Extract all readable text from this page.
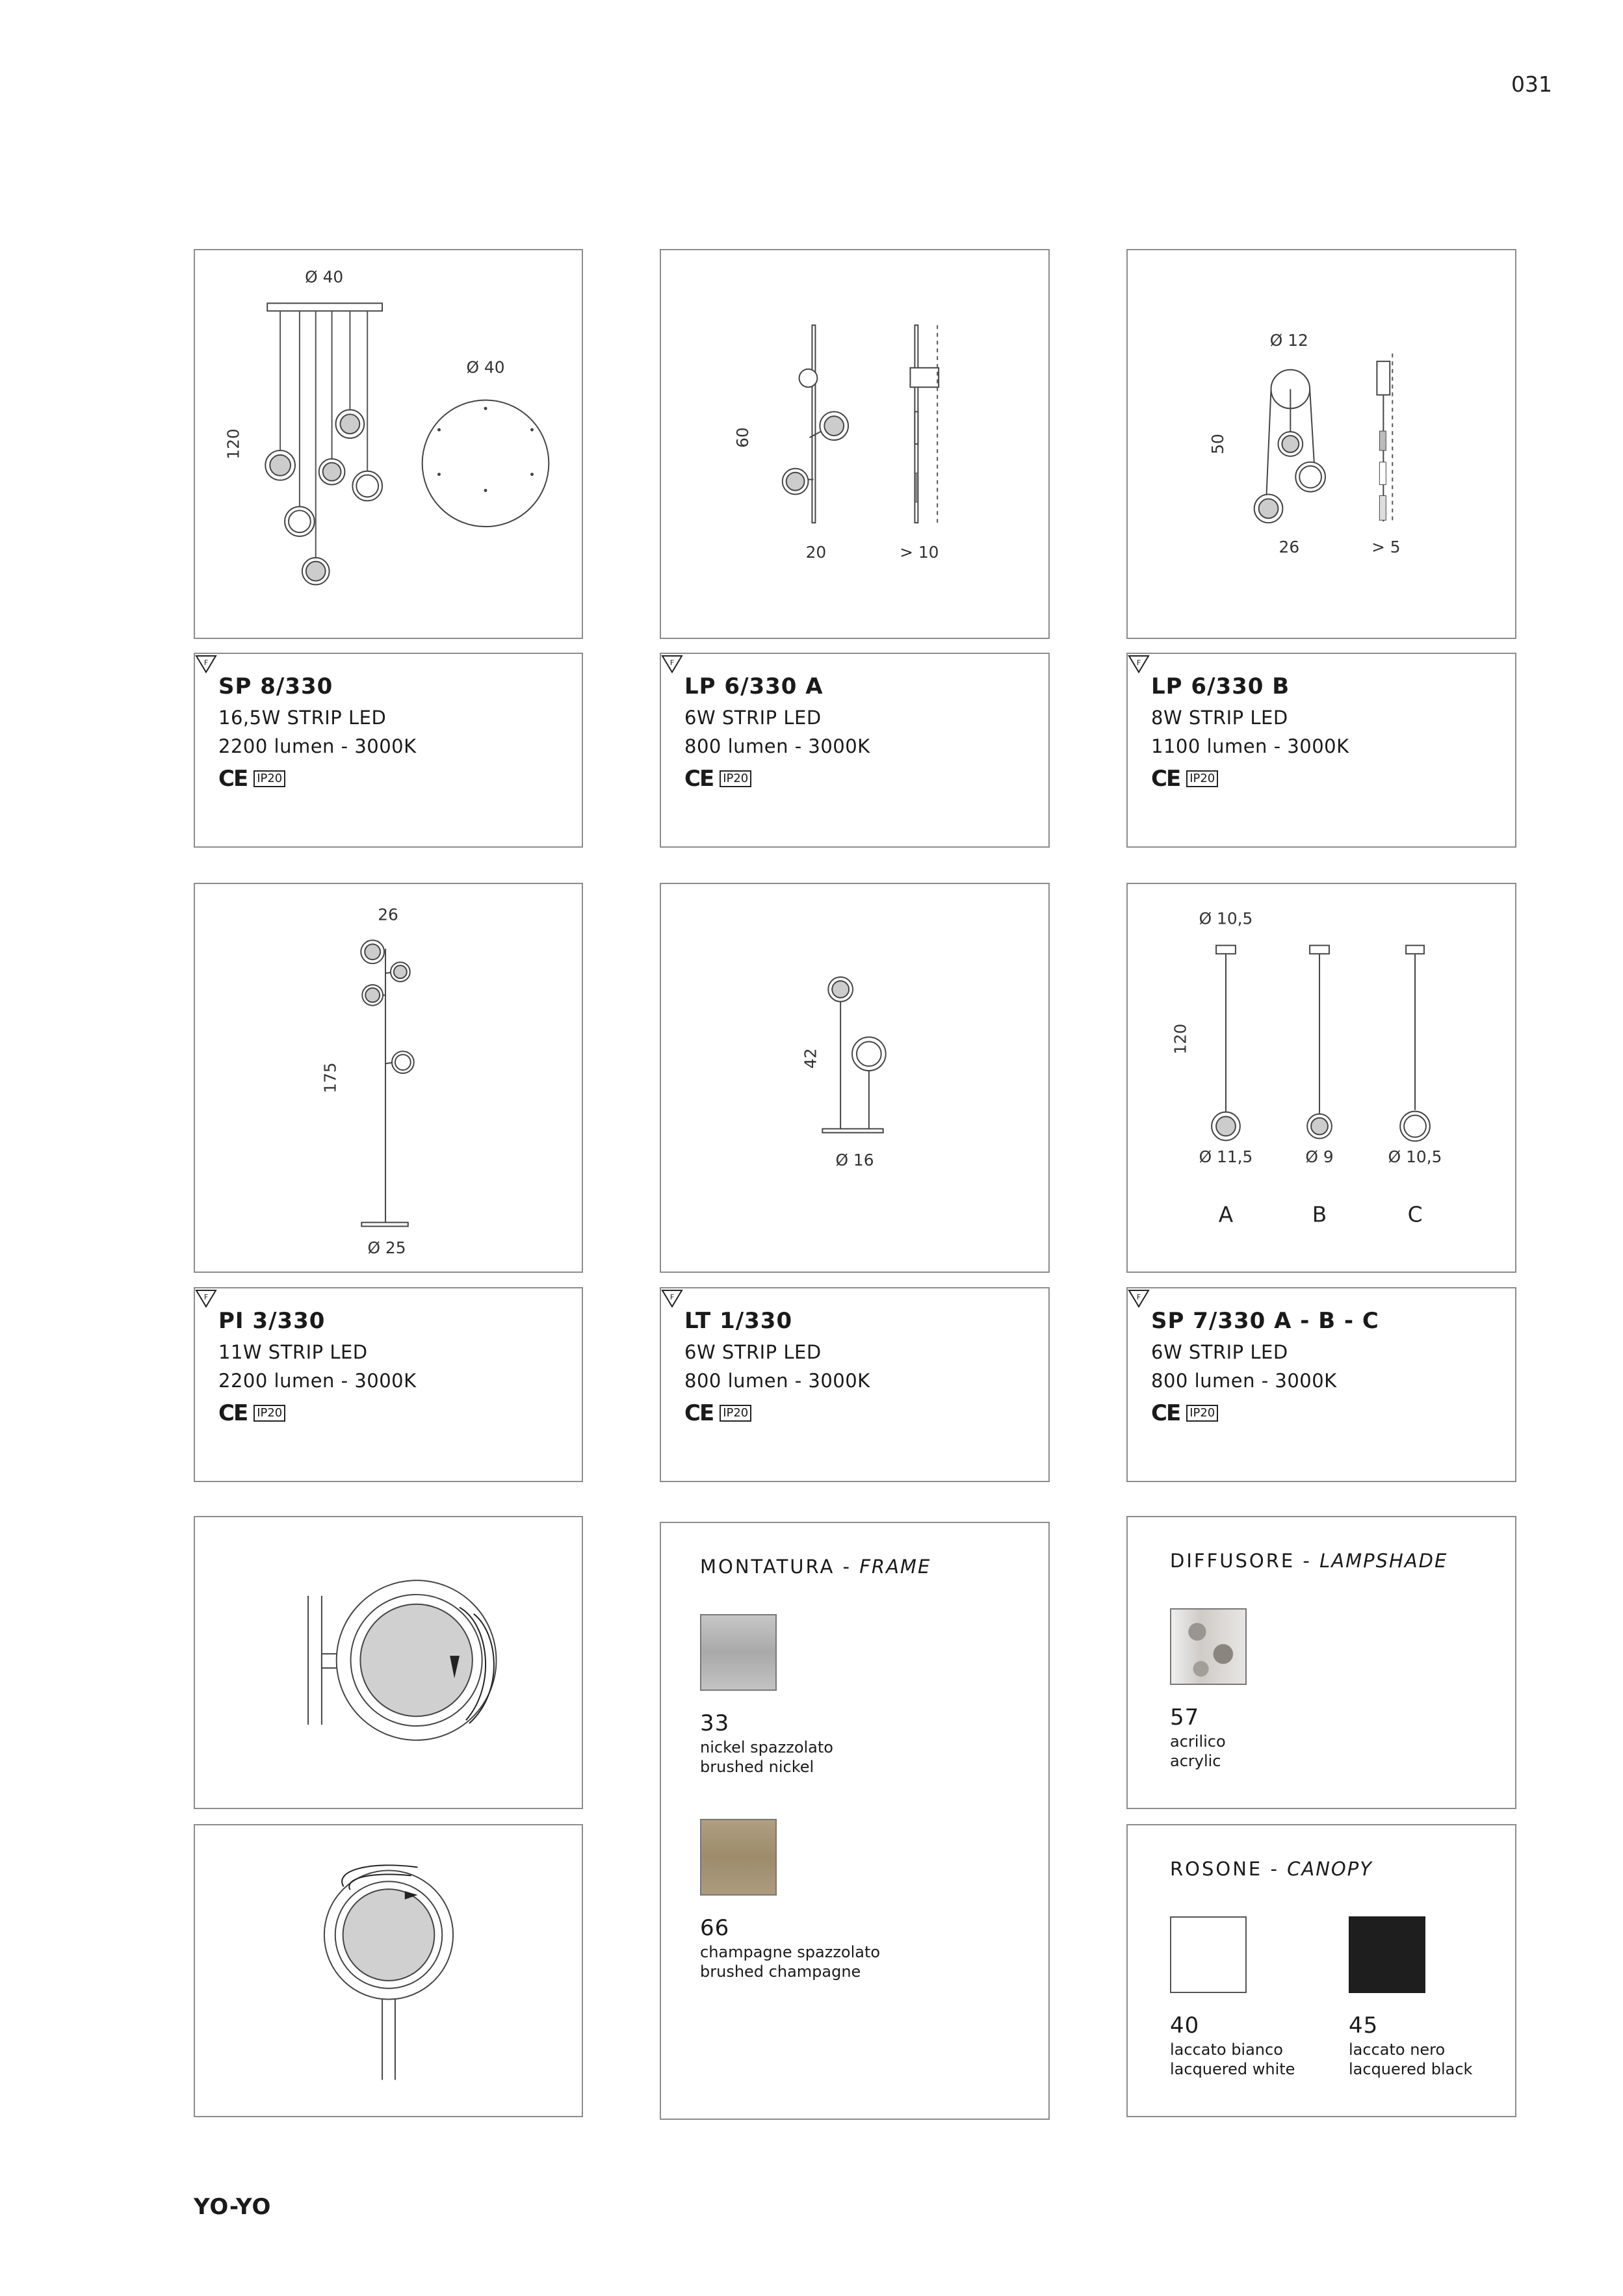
031
Ø 40
120
Ø 40
60
20	> 10
Ø 12
50
26	> 5
SP 8/330
16,5W STRIP LED
2200 lumen - 3000K
CE IP20
F
LP 6/330 A
6W STRIP LED
800 lumen - 3000K
CE IP20
F
LP 6/330 B
8W STRIP LED
1100 lumen - 3000K
CE IP20
F
26
175
Ø 25
42
Ø 16
Ø 10,5
120
Ø 11,5	Ø 9	Ø 10,5
A	B	C
PI 3/330
11W STRIP LED
2200 lumen - 3000K
CE IP20
F
LT 1/330
6W STRIP LED
800 lumen - 3000K
CE IP20
F
SP 7/330 A - B - C
6W STRIP LED
800 lumen - 3000K
CE IP20
F
MONTATURA - FRAME
33
nickel spazzolato
brushed nickel
66
champagne spazzolato
brushed champagne
DIFFUSORE - LAMPSHADE
57
acrilico
acrylic
ROSONE - CANOPY
40
laccato bianco
lacquered white
45
laccato nero
lacquered black
YO-YO
